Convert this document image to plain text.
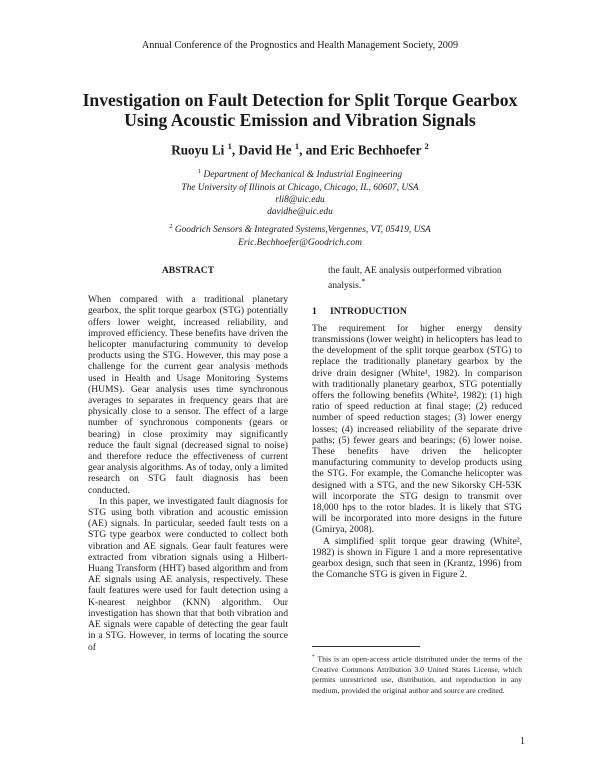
Annual Conference of the Prognostics and Health Management Society, 2009
Investigation on Fault Detection for Split Torque Gearbox
Using Acoustic Emission and Vibration Signals
Ruoyu Li $^1$, David He $^1$, and Eric Bechhoefer $^2$
$^1$ Department of Mechanical & Industrial Engineering
The University of Illinois at Chicago, Chicago, IL, 60607, USA
rli8@uic.edu
davidhe@uic.edu
$^2$ Goodrich Sensors & Integrated Systems,Vergennes, VT, 05419, USA
Eric.Bechhoefer@Goodrich.com

ABSTRACT

When compared with a traditional planetary gearbox, the split torque gearbox (STG) potentially offers lower weight, increased reliability, and improved efficiency. These benefits have driven the helicopter manufacturing community to develop products using the STG. However, this may pose a challenge for the current gear analysis methods used in Health and Usage Monitoring Systems (HUMS). Gear analysis uses time synchronous averages to separates in frequency gears that are physically close to a sensor. The effect of a large number of synchronous components (gears or bearing) in close proximity may significantly reduce the fault signal (decreased signal to noise) and therefore reduce the effectiveness of current gear analysis algorithms. As of today, only a limited research on STG fault diagnosis has been conducted.

In this paper, we investigated fault diagnosis for STG using both vibration and acoustic emission (AE) signals. In particular, seeded fault tests on a STG type gearbox were conducted to collect both vibration and AE signals. Gear fault features were extracted from vibration signals using a Hilbert-Huang Transform (HHT) based algorithm and from AE signals using AE analysis, respectively. These fault features were used for fault detection using a K-nearest neighbor (KNN) algorithm. Our investigation has shown that that both vibration and AE signals were capable of detecting the gear fault in a STG. However, in terms of locating the source of

the fault, AE analysis outperformed vibration analysis.*

1 INTRODUCTION

The requirement for higher energy density transmissions (lower weight) in helicopters has lead to the development of the split torque gearbox (STG) to replace the traditionally planetary gearbox by the drive drain designer (White¹, 1982). In comparison with traditionally planetary gearbox, STG potentially offers the following benefits (White², 1982): (1) high ratio of speed reduction at final stage; (2) reduced number of speed reduction stages; (3) lower energy losses; (4) increased reliability of the separate drive paths; (5) fewer gears and bearings; (6) lower noise. These benefits have driven the helicopter manufacturing community to develop products using the STG. For example, the Comanche helicopter was designed with a STG, and the new Sikorsky CH-53K will incorporate the STG design to transmit over 18,000 hps to the rotor blades. It is likely that STG will be incorporated into more designs in the future (Gmirya, 2008).

A simplified split torque gear drawing (White², 1982) is shown in Figure 1 and a more representative gearbox design, such that seen in (Krantz, 1996) from the Comanche STG is given in Figure 2.

* This is an open-access article distributed under the terms of the Creative Commons Attribution 3.0 United States License, which permits unrestricted use, distribution, and reproduction in any medium, provided the original author and source are credited.
1
